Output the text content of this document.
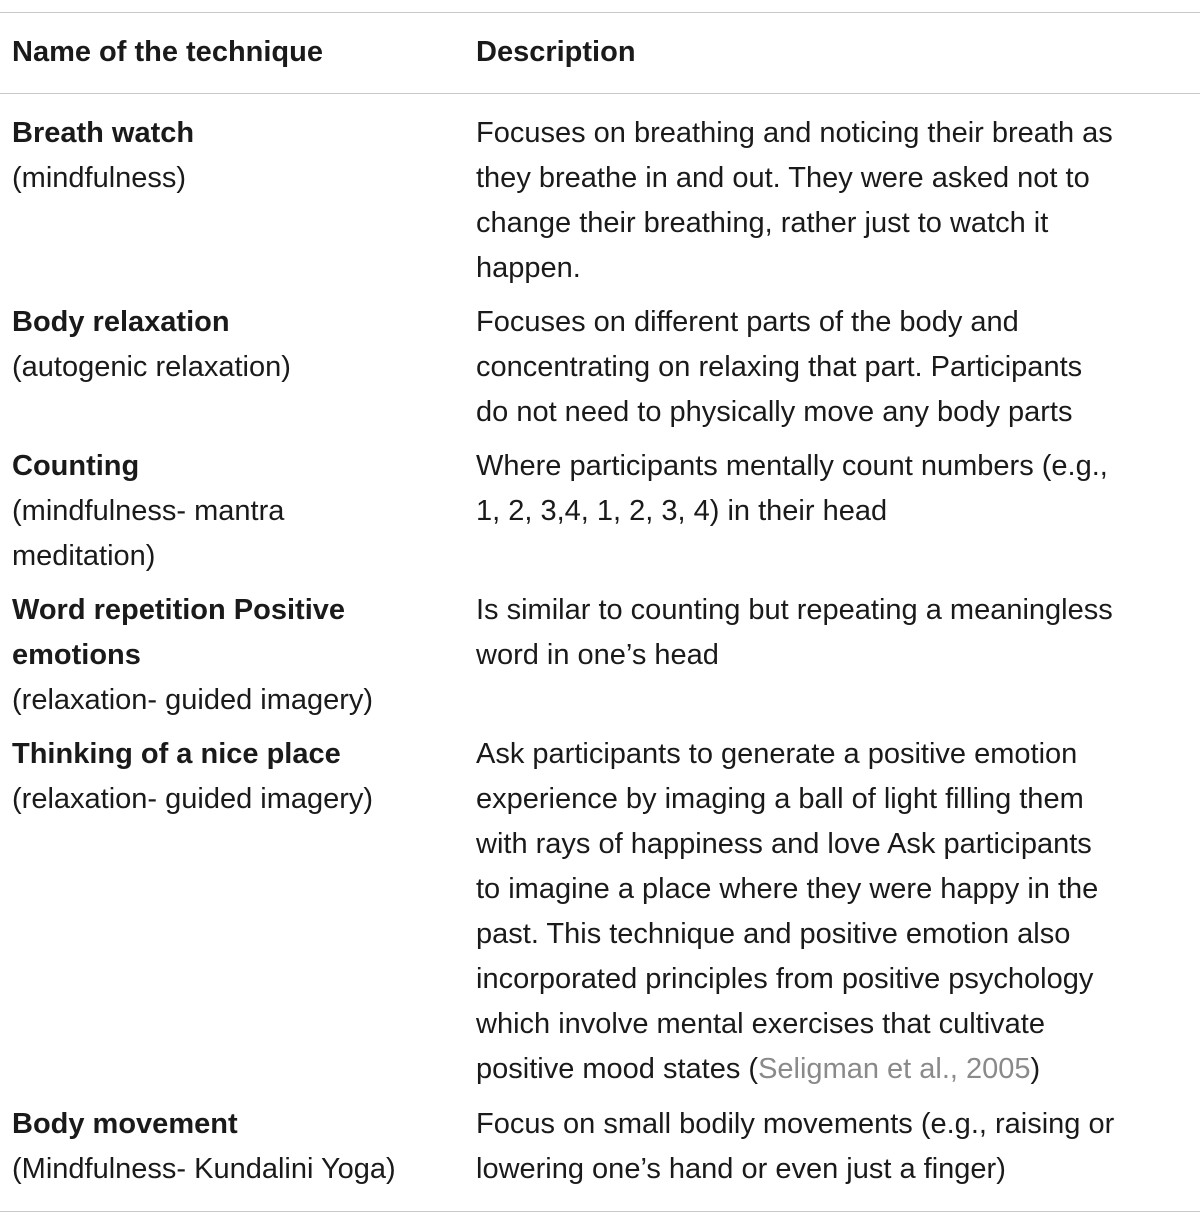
Name of the technique	Description
Breath watch
(mindfulness)
Focuses on breathing and noticing their breath as
they breathe in and out. They were asked not to
change their breathing, rather just to watch it
happen.
Body relaxation
(autogenic relaxation)
Focuses on different parts of the body and
concentrating on relaxing that part. Participants
do not need to physically move any body parts
Counting
(mindfulness- mantra
meditation)
Where participants mentally count numbers (e.g.,
1, 2, 3,4, 1, 2, 3, 4) in their head
Word repetition Positive
emotions
(relaxation- guided imagery)
Is similar to counting but repeating a meaningless
word in one’s head
Thinking of a nice place
(relaxation- guided imagery)
Ask participants to generate a positive emotion
experience by imaging a ball of light filling them
with rays of happiness and love Ask participants
to imagine a place where they were happy in the
past. This technique and positive emotion also
incorporated principles from positive psychology
which involve mental exercises that cultivate
positive mood states (Seligman et al., 2005)
Body movement
(Mindfulness- Kundalini Yoga)
Focus on small bodily movements (e.g., raising or
lowering one’s hand or even just a finger)
